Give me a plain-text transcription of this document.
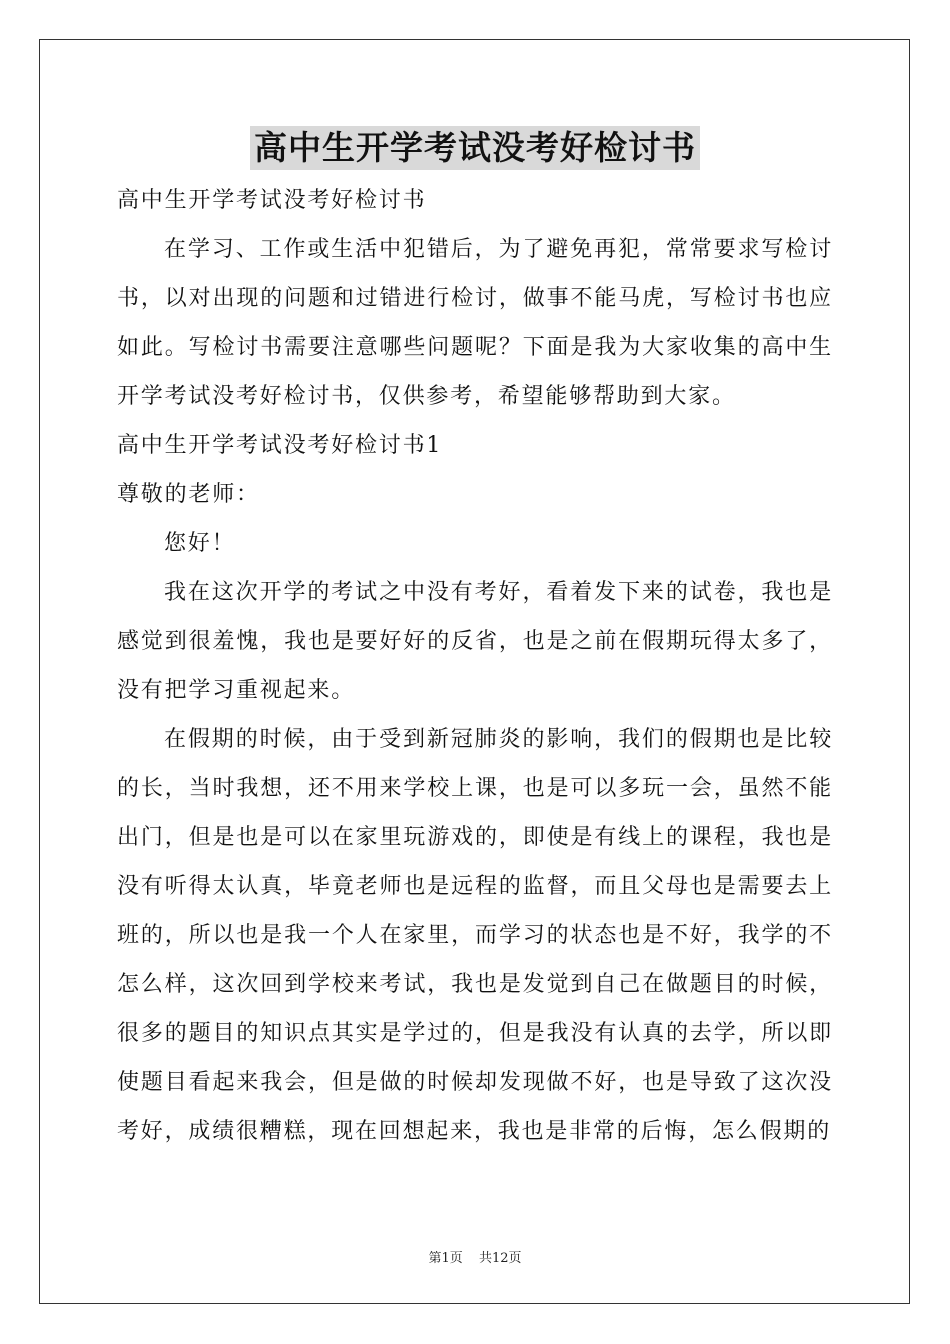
高中生开学考试没考好检讨书

高中生开学考试没考好检讨书

在学习、工作或生活中犯错后，为了避免再犯，常常要求写检讨书，以对出现的问题和过错进行检讨，做事不能马虎，写检讨书也应如此。写检讨书需要注意哪些问题呢？下面是我为大家收集的高中生开学考试没考好检讨书，仅供参考，希望能够帮助到大家。

高中生开学考试没考好检讨书1

尊敬的老师：

您好！

我在这次开学的考试之中没有考好，看着发下来的试卷，我也是感觉到很羞愧，我也是要好好的反省，也是之前在假期玩得太多了，没有把学习重视起来。

在假期的时候，由于受到新冠肺炎的影响，我们的假期也是比较的长，当时我想，还不用来学校上课，也是可以多玩一会，虽然不能出门，但是也是可以在家里玩游戏的，即使是有线上的课程，我也是没有听得太认真，毕竟老师也是远程的监督，而且父母也是需要去上班的，所以也是我一个人在家里，而学习的状态也是不好，我学的不怎么样，这次回到学校来考试，我也是发觉到自己在做题目的时候，很多的题目的知识点其实是学过的，但是我没有认真的去学，所以即使题目看起来我会，但是做的时候却发现做不好，也是导致了这次没考好，成绩很糟糕，现在回想起来，我也是非常的后悔，怎么假期的

第1页 共12页
